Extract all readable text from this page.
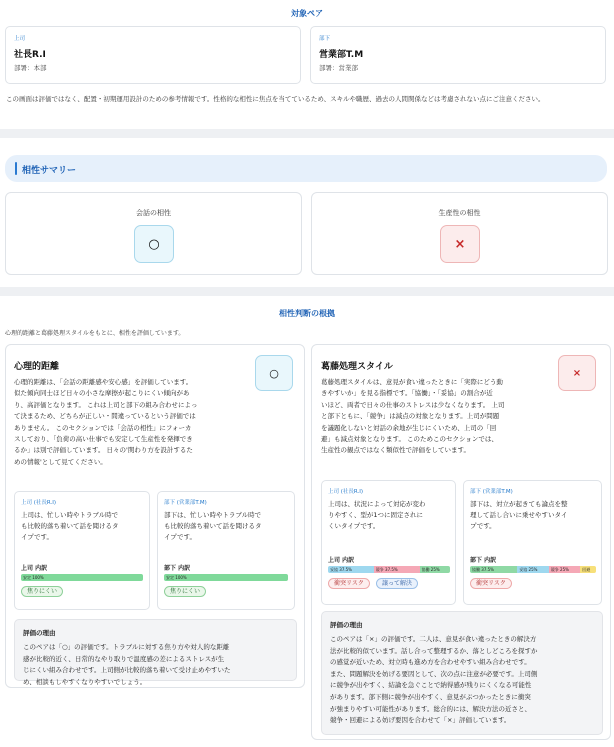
対象ペア
上司
社長R.I
部署：本部
部下
営業部T.M
部署：営業部
この画面は評価ではなく、配置・初期運用設計のための参考情報です。性格的な相性に焦点を当てているため、スキルや職歴、過去の人間関係などは考慮されない点にご注意ください。
相性サマリー
会話の相性
○
生産性の相性
×
相性判断の根拠
心理的距離と葛藤処理スタイルをもとに、相性を評価しています。
心理的距離	○
心理的距離は、「会話の距離感や安心感」を評価しています。
似た傾向同士ほど日々の小さな摩擦が起こりにくい傾向があ
り、高評価となります。 これは上司と部下の組み合わせによっ
て決まるため、どちらが正しい・間違っているという評価では
ありません。 このセクションでは「会話の相性」にフォーカ
スしており、「負荷の高い仕事でも安定して生産性を発揮でき
るか」は別で評価しています。 日々の'関わり方を設計するた
めの情報'として見てください。
上司 (社長R.I)
上司は、忙しい時やトラブル時で
も比較的落ち着いて話を聞けるタ
イプです。
上司 内訳
安定 100%
焦りにくい
部下 (営業部T.M)
部下は、忙しい時やトラブル時で
も比較的落ち着いて話を聞けるタ
イプです。
部下 内訳
安定 100%
焦りにくい
評価の理由
このペアは「○」の評価です。トラブルに対する焦り方や対人的な距離
感が比較的近く、日常的なやり取りで温度感の差によるストレスが生
じにくい組み合わせです。上司側が比較的落ち着いて受け止めやすいた
め、相談もしやすくなりやすいでしょう。
葛藤処理スタイル
×
葛藤処理スタイルは、意見が食い違ったときに「実際にどう動
きやすいか」を見る指標です。「協働」・「妥協」の割合が近
いほど、両者で日々の仕事のストレスは少なくなります。 上司
と部下ともに、「競争」は減点の対象となります。上司が問題
を議題化しないと対話の余地が生じにくいため、上司の「回
避」も減点対象となります。 このためこのセクションでは、
生産性の観点ではなく類似性で評価をしています。
上司 (社長R.I)
上司は、状況によって対応が変わ
りやすく、型が1つに固定されに
くいタイプです。
上司 内訳
妥協 37.5%	競争 37.5%	協働 25%
衝突リスク	譲って解決
部下 (営業部T.M)
部下は、対立が起きても論点を整
理して話し合いに乗せやすいタイ
プです。
部下 内訳
協働 37.5%	妥協 25%	競争 25%	回避
衝突リスク
評価の理由
このペアは「×」の評価です。二人は、意見が食い違ったときの解決方
法が比較的似ています。話し合って整理するか、落としどころを探すか
の感覚が近いため、対立時も進め方を合わせやすい組み合わせです。
また、問題解決を妨げる要因として、次の点に注意が必要です。上司側
に競争が出やすく、結論を急ぐことで納得感が残りにくくなる可能性
があります。部下側に競争が出やすく、意見がぶつかったときに衝突
が強まりやすい可能性があります。総合的には、解決方法の近さと、
競争・回避による妨げ要因を合わせて「×」評価しています。
